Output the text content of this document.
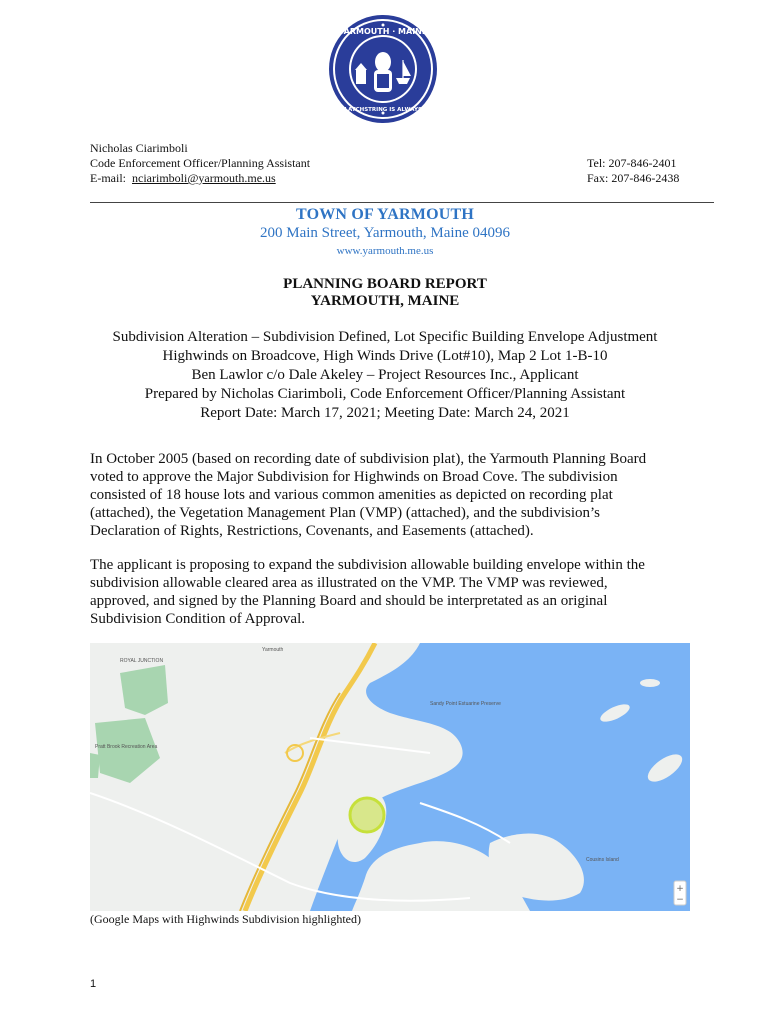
YARMOUTH · MAINE
OUR LATCHSTRING IS ALWAYS OUT
Nicholas Ciarimboli
Code Enforcement Officer/Planning Assistant
E-mail: nciarimboli@yarmouth.me.us
Tel: 207-846-2401
Fax: 207-846-2438
TOWN OF YARMOUTH
200 Main Street, Yarmouth, Maine 04096
www.yarmouth.me.us
PLANNING BOARD REPORT
YARMOUTH, MAINE
Subdivision Alteration – Subdivision Defined, Lot Specific Building Envelope Adjustment
Highwinds on Broadcove, High Winds Drive (Lot#10), Map 2 Lot 1-B-10
Ben Lawlor c/o Dale Akeley – Project Resources Inc., Applicant
Prepared by Nicholas Ciarimboli, Code Enforcement Officer/Planning Assistant
Report Date: March 17, 2021; Meeting Date: March 24, 2021
In October 2005 (based on recording date of subdivision plat), the Yarmouth Planning Board
voted to approve the Major Subdivision for Highwinds on Broad Cove. The subdivision
consisted of 18 house lots and various common amenities as depicted on recording plat
(attached), the Vegetation Management Plan (VMP) (attached), and the subdivision’s
Declaration of Rights, Restrictions, Covenants, and Easements (attached).
The applicant is proposing to expand the subdivision allowable building envelope within the
subdivision allowable cleared area as illustrated on the VMP. The VMP was reviewed,
approved, and signed by the Planning Board and should be interpretated as an original
Subdivision Condition of Approval.
ROYAL JUNCTION
Yarmouth
Pratt Brook Recreation Area
Sandy Point Estuarine Preserve
Cousins Island
+
−
(Google Maps with Highwinds Subdivision highlighted)
1
